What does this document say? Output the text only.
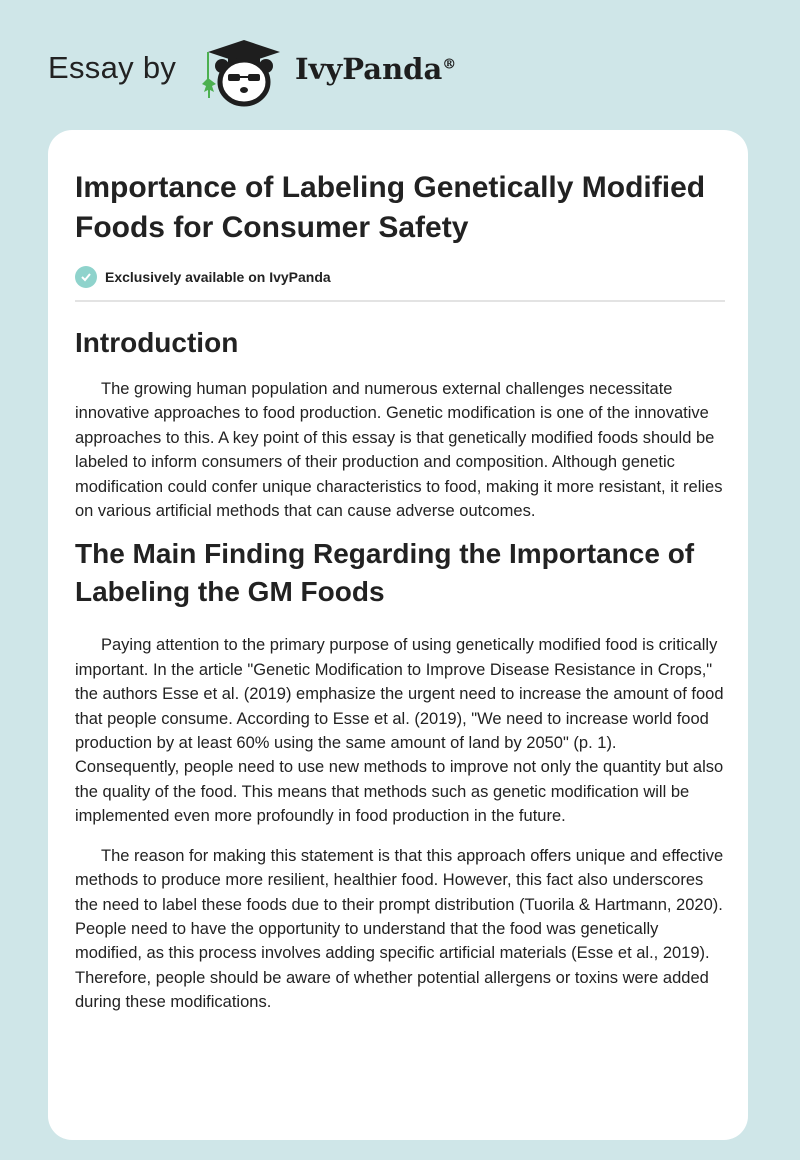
Essay by	IvyPanda®
Importance of Labeling Genetically Modified Foods for Consumer Safety
Exclusively available on IvyPanda
Introduction

The growing human population and numerous external challenges necessitate innovative approaches to food production. Genetic modification is one of the innovative approaches to this. A key point of this essay is that genetically modified foods should be labeled to inform consumers of their production and composition. Although genetic modification could confer unique characteristics to food, making it more resistant, it relies on various artificial methods that can cause adverse outcomes.

The Main Finding Regarding the Importance of Labeling the GM Foods

Paying attention to the primary purpose of using genetically modified food is critically important. In the article "Genetic Modification to Improve Disease Resistance in Crops," the authors Esse et al. (2019) emphasize the urgent need to increase the amount of food that people consume. According to Esse et al. (2019), "We need to increase world food production by at least 60% using the same amount of land by 2050" (p. 1). Consequently, people need to use new methods to improve not only the quantity but also the quality of the food. This means that methods such as genetic modification will be implemented even more profoundly in food production in the future.

The reason for making this statement is that this approach offers unique and effective methods to produce more resilient, healthier food. However, this fact also underscores the need to label these foods due to their prompt distribution (Tuorila & Hartmann, 2020). People need to have the opportunity to understand that the food was genetically modified, as this process involves adding specific artificial materials (Esse et al., 2019). Therefore, people should be aware of whether potential allergens or toxins were added during these modifications.
